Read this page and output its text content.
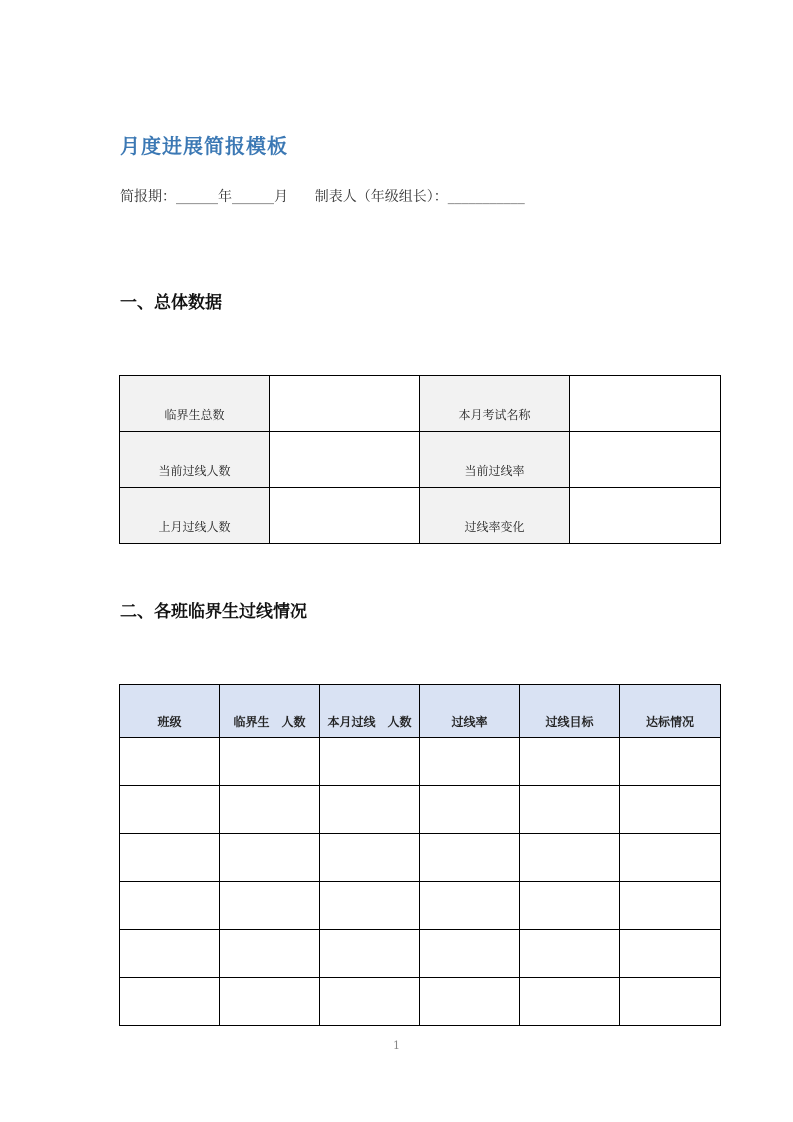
月度进展简报模板
简报期：______年______月      制表人（年级组长）：___________
一、总体数据
临界生总数		本月考试名称	
当前过线人数		当前过线率	
上月过线人数		过线率变化	
二、各班临界生过线情况
班级	临界生　人数	本月过线　人数	过线率	过线目标	达标情况

1
